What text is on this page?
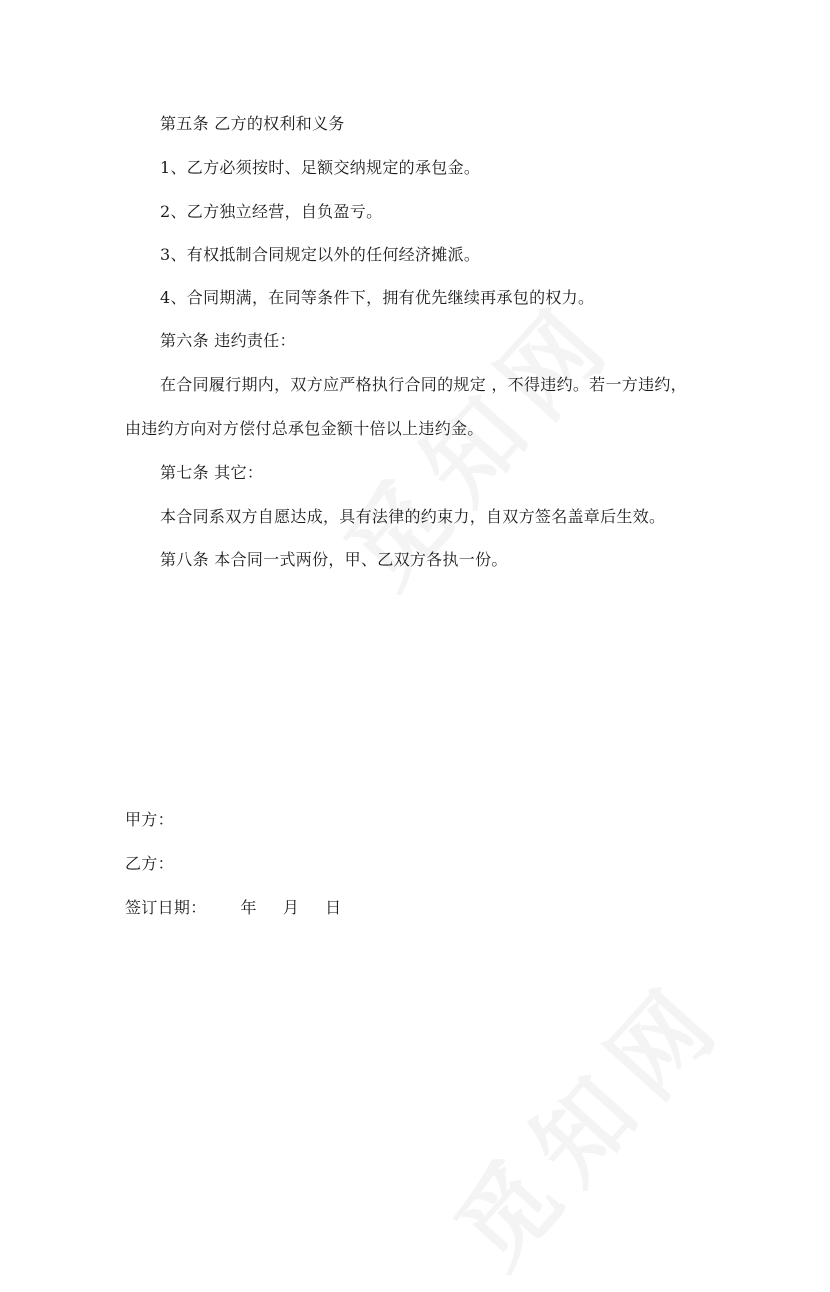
第五条 乙方的权利和义务
1、乙方必须按时、足额交纳规定的承包金。
2、乙方独立经营，自负盈亏。
3、有权抵制合同规定以外的任何经济摊派。
4、合同期满，在同等条件下，拥有优先继续再承包的权力。
第六条 违约责任：
在合同履行期内，双方应严格执行合同的规定 ，不得违约。若一方违约，
由违约方向对方偿付总承包金额十倍以上违约金。
第七条 其它：
本合同系双方自愿达成，具有法律的约束力，自双方签名盖章后生效。
第八条 本合同一式两份，甲、乙双方各执一份。
甲方：
乙方：
签订日期： 年 月 日
